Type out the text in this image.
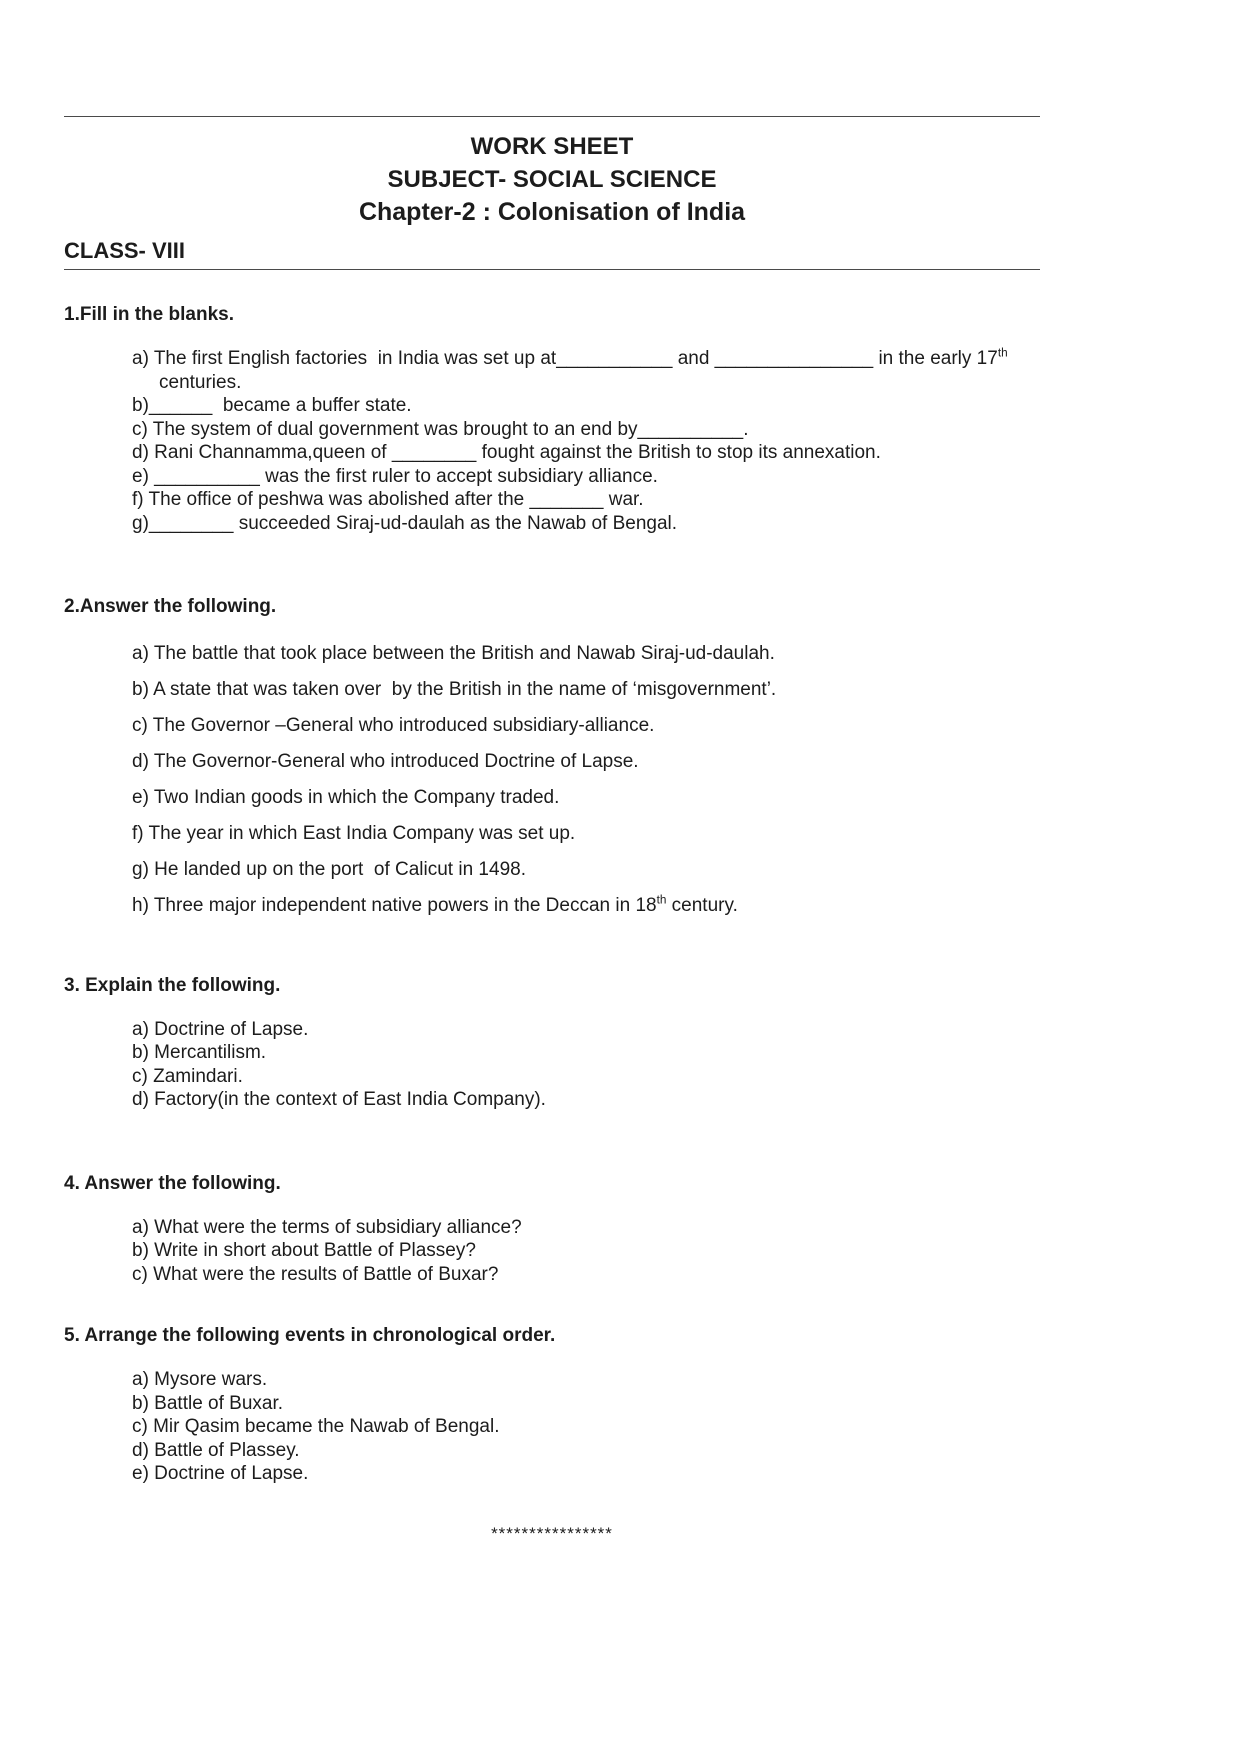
WORK SHEET
SUBJECT- SOCIAL SCIENCE
Chapter-2 : Colonisation of India
CLASS- VIII
1.Fill in the blanks.
a) The first English factories  in India was set up at___________ and _______________ in the early 17th centuries.
b)______  became a buffer state.
c) The system of dual government was brought to an end by__________.
d) Rani Channamma,queen of ________ fought against the British to stop its annexation.
e) __________ was the first ruler to accept subsidiary alliance.
f) The office of peshwa was abolished after the _______ war.
g)________ succeeded Siraj-ud-daulah as the Nawab of Bengal.
2.Answer the following.
a) The battle that took place between the British and Nawab Siraj-ud-daulah.
b) A state that was taken over  by the British in the name of ‘misgovernment’.
c) The Governor –General who introduced subsidiary-alliance.
d) The Governor-General who introduced Doctrine of Lapse.
e) Two Indian goods in which the Company traded.
f) The year in which East India Company was set up.
g) He landed up on the port  of Calicut in 1498.
h) Three major independent native powers in the Deccan in 18th century.
3. Explain the following.
a) Doctrine of Lapse.
b) Mercantilism.
c) Zamindari.
d) Factory(in the context of East India Company).
4. Answer the following.
a) What were the terms of subsidiary alliance?
b) Write in short about Battle of Plassey?
c) What were the results of Battle of Buxar?
5. Arrange the following events in chronological order.
a) Mysore wars.
b) Battle of Buxar.
c) Mir Qasim became the Nawab of Bengal.
d) Battle of Plassey.
e) Doctrine of Lapse.
****************
